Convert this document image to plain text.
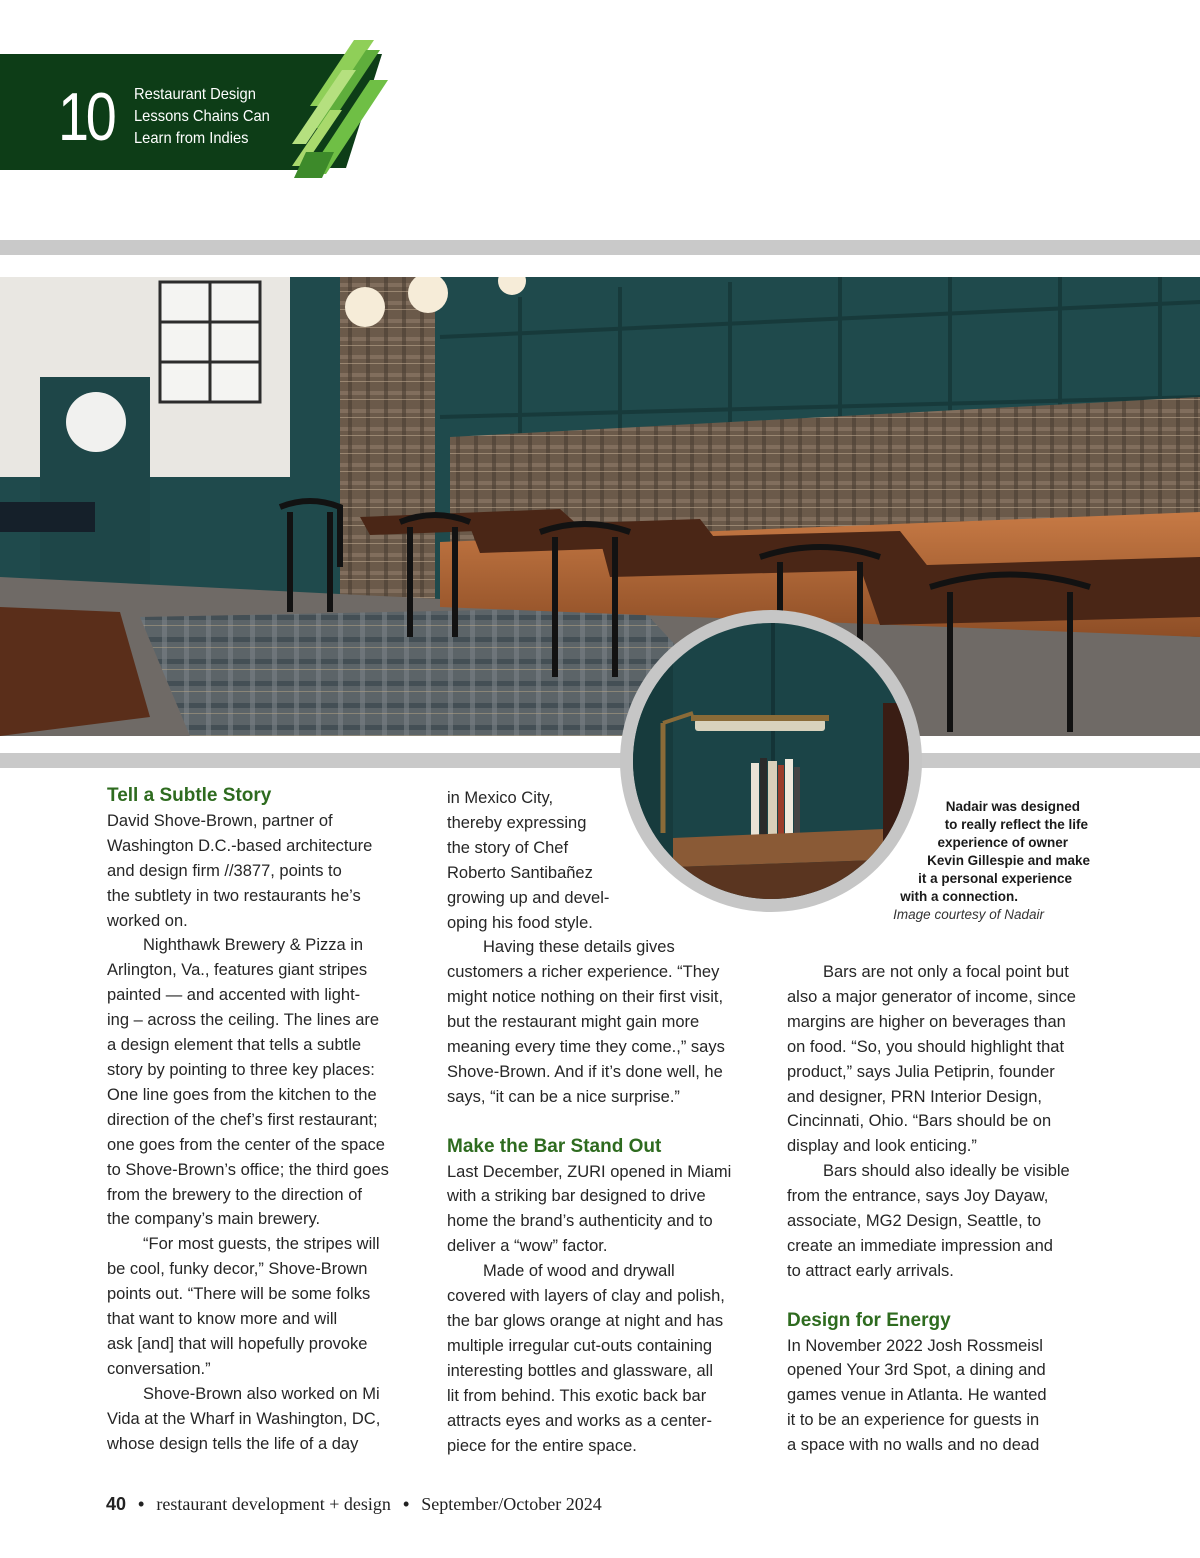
10 Restaurant Design
Lessons Chains Can
Learn from Indies
Nadair was designed
to really reflect the life
experience of owner
Kevin Gillespie and make
it a personal experience
with a connection.
Image courtesy of Nadair
Tell a Subtle Story
David Shove-Brown, partner of
Washington D.C.-based architecture
and design firm //3877, points to
the subtlety in two restaurants he’s
worked on.
Nighthawk Brewery & Pizza in
Arlington, Va., features giant stripes
painted — and accented with light-
ing – across the ceiling. The lines are
a design element that tells a subtle
story by pointing to three key places:
One line goes from the kitchen to the
direction of the chef’s first restaurant;
one goes from the center of the space
to Shove-Brown’s office; the third goes
from the brewery to the direction of
the company’s main brewery.
“For most guests, the stripes will
be cool, funky decor,” Shove-Brown
points out. “There will be some folks
that want to know more and will
ask [and] that will hopefully provoke
conversation.”
Shove-Brown also worked on Mi
Vida at the Wharf in Washington, DC,
whose design tells the life of a day
in Mexico City,
thereby expressing
the story of Chef
Roberto Santibañez
growing up and devel-
oping his food style.
Having these details gives
customers a richer experience. “They
might notice nothing on their first visit,
but the restaurant might gain more
meaning every time they come.,” says
Shove-Brown. And if it’s done well, he
says, “it can be a nice surprise.”
Make the Bar Stand Out
Last December, ZURI opened in Miami
with a striking bar designed to drive
home the brand’s authenticity and to
deliver a “wow” factor.
Made of wood and drywall
covered with layers of clay and polish,
the bar glows orange at night and has
multiple irregular cut-outs containing
interesting bottles and glassware, all
lit from behind. This exotic back bar
attracts eyes and works as a center-
piece for the entire space.
Bars are not only a focal point but
also a major generator of income, since
margins are higher on beverages than
on food. “So, you should highlight that
product,” says Julia Petiprin, founder
and designer, PRN Interior Design,
Cincinnati, Ohio. “Bars should be on
display and look enticing.”
Bars should also ideally be visible
from the entrance, says Joy Dayaw,
associate, MG2 Design, Seattle, to
create an immediate impression and
to attract early arrivals.
Design for Energy
In November 2022 Josh Rossmeisl
opened Your 3rd Spot, a dining and
games venue in Atlanta. He wanted
it to be an experience for guests in
a space with no walls and no dead
40 • restaurant development + design • September/October 2024
